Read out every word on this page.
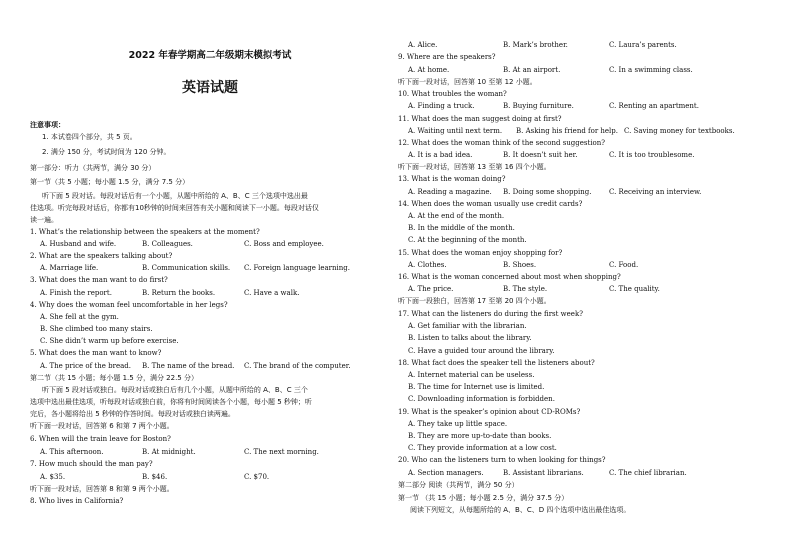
2022 年春学期高二年级期末模拟考试
英语试题
注意事项：
1. 本试卷四个部分，共 5 页。
2. 满分 150 分，考试时间为 120 分钟。
第一部分：听力（共两节，满分 30 分）
第一节（共 5 小题；每小题 1.5 分，满分 7.5 分）
听下面 5 段对话。每段对话后有一个小题，从题中所给的 A、B、C 三个选项中选出最
佳选项。听完每段对话后，你都有10秒钟的时间来回答有关小题和阅读下一小题。每段对话仅
读一遍。
1. What’s the relationship between the speakers at the moment?
A. Husband and wife.	B. Colleagues.	C. Boss and employee.
2. What are the speakers talking about?
A. Marriage life.	B. Communication skills. C. Foreign language learning.
3. What does the man want to do first?
A. Finish the report.	B. Return the books.	C. Have a walk.
4. Why does the woman feel uncomfortable in her legs?
A. She fell at the gym.
B. She climbed too many stairs.
C. She didn’t warm up before exercise.
5. What does the man want to know?
A. The price of the bread. B. The name of the bread. C. The brand of the computer.
第二节（共 15 小题；每小题 1.5 分，满分 22.5 分）
听下面 5 段对话或独白。每段对话或独白后有几个小题，从题中所给的 A、B、C 三个
选项中选出最佳选项，听每段对话或独白前，你将有时间阅读各个小题，每小题 5 秒钟；听
完后，各小题将给出 5 秒钟的作答时间。每段对话或独白读两遍。
听下面一段对话，回答第 6 和第 7 两个小题。
6. When will the train leave for Boston?
A. This afternoon.	B. At midnight.	C. The next morning.
7. How much should the man pay?
A. $35.	B. $46.	C. $70.
听下面一段对话，回答第 8 和第 9 两个小题。
8. Who lives in California?
A. Alice.	B. Mark’s brother.	C. Laura’s parents.
9. Where are the speakers?
A. At home.	B. At an airport.	C. In a swimming class.
听下面一段对话，回答第 10 至第 12 小题。
10. What troubles the woman?
A. Finding a truck.	B. Buying furniture.	C. Renting an apartment.
11. What does the man suggest doing at first?
A. Waiting until next term. B. Asking his friend for help. C. Saving money for textbooks.
12. What does the woman think of the second suggestion?
A. It is a bad idea.	B. It doesn’t suit her.	C. It is too troublesome.
听下面一段对话，回答第 13 至第 16 四个小题。
13. What is the woman doing?
A. Reading a magazine. B. Doing some shopping.	C. Receiving an interview.
14. When does the woman usually use credit cards?
A. At the end of the month.
B. In the middle of the month.
C. At the beginning of the month.
15. What does the woman enjoy shopping for?
A. Clothes.	B. Shoes.	C. Food.
16. What is the woman concerned about most when shopping?
A. The price.	B. The style.	C. The quality.
听下面一段独白，回答第 17 至第 20 四个小题。
17. What can the listeners do during the first week?
A. Get familiar with the librarian.
B. Listen to talks about the library.
C. Have a guided tour around the library.
18. What fact does the speaker tell the listeners about?
A. Internet material can be useless.
B. The time for Internet use is limited.
C. Downloading information is forbidden.
19. What is the speaker’s opinion about CD-ROMs?
A. They take up little space.
B. They are more up-to-date than books.
C. They provide information at a low cost.
20. Who can the listeners turn to when looking for things?
A. Section managers.	B. Assistant librarians.	C. The chief librarian.
第二部分 阅读（共两节，满分 50 分）
第一节 （共 15 小题；每小题 2.5 分，满分 37.5 分）
阅读下列短文，从每题所给的 A、B、C、D 四个选项中选出最佳选项。
